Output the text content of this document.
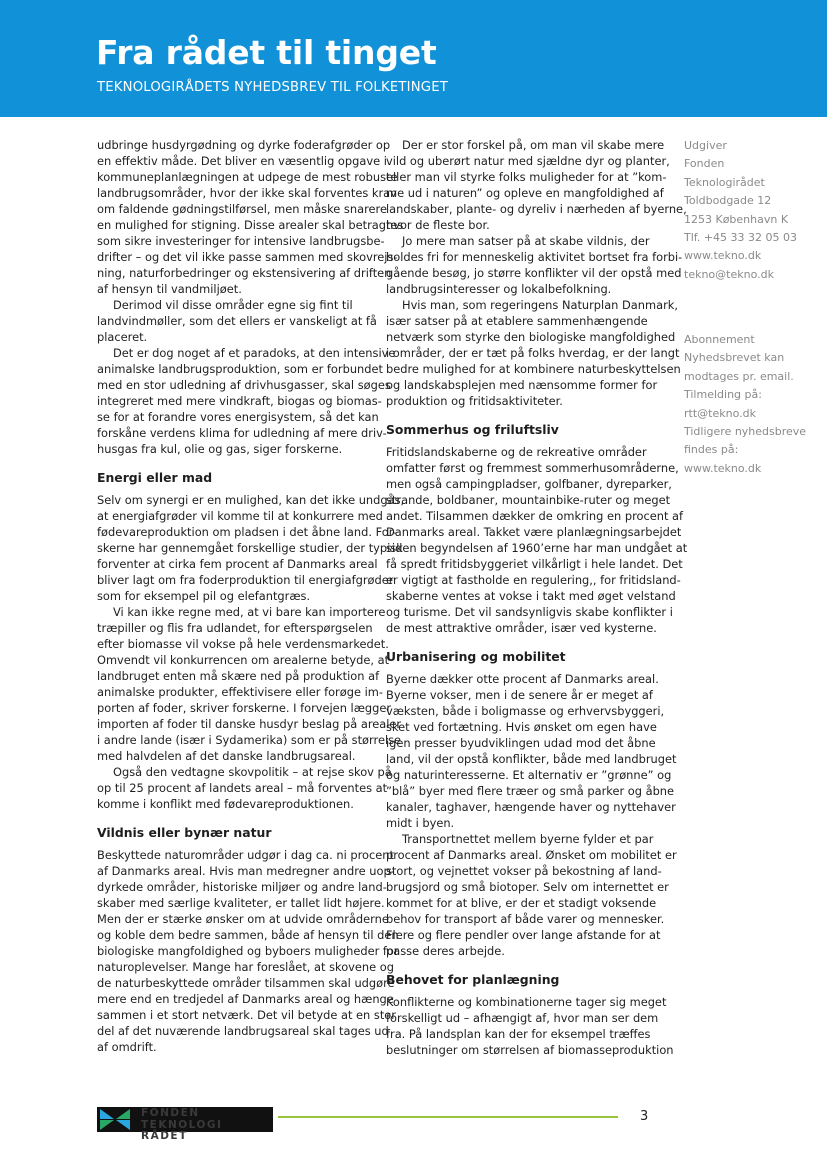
Fra rådet til tinget
TEKNOLOGIRÅDETS NYHEDSBREV TIL FOLKETINGET

udbringe husdyrgødning og dyrke foderafgrøder op
en effektiv måde. Det bliver en væsentlig opgave i
kommuneplanlægningen at udpege de mest robuste
landbrugsområder, hvor der ikke skal forventes krav
om faldende gødningstilførsel, men måske snarere
en mulighed for stigning. Disse arealer skal betragtes
som sikre investeringer for intensive landbrugsbe-
drifter – og det vil ikke passe sammen med skovrejs-
ning, naturforbedringer og ekstensivering af driften
af hensyn til vandmiljøet.

Derimod vil disse områder egne sig fint til
landvindmøller, som det ellers er vanskeligt at få
placeret.

Det er dog noget af et paradoks, at den intensive
animalske landbrugsproduktion, som er forbundet
med en stor udledning af drivhusgasser, skal søges
integreret med mere vindkraft, biogas og biomas-
se for at forandre vores energisystem, så det kan
forskåne verdens klima for udledning af mere driv-
husgas fra kul, olie og gas, siger forskerne.

Energi eller mad

Selv om synergi er en mulighed, kan det ikke undgås,
at energiafgrøder vil komme til at konkurrere med
fødevareproduktion om pladsen i det åbne land. For-
skerne har gennemgået forskellige studier, der typisk
forventer at cirka fem procent af Danmarks areal
bliver lagt om fra foderproduktion til energiafgrøder
som for eksempel pil og elefantgræs.

Vi kan ikke regne med, at vi bare kan importere
træpiller og flis fra udlandet, for efterspørgselen
efter biomasse vil vokse på hele verdensmarkedet.
Omvendt vil konkurrencen om arealerne betyde, at
landbruget enten må skære ned på produktion af
animalske produkter, effektivisere eller forøge im-
porten af foder, skriver forskerne. I forvejen lægger
importen af foder til danske husdyr beslag på arealer
i andre lande (især i Sydamerika) som er på størrelse
med halvdelen af det danske landbrugsareal.

Også den vedtagne skovpolitik – at rejse skov på
op til 25 procent af landets areal – må forventes at
komme i konflikt med fødevareproduktionen.

Vildnis eller bynær natur

Beskyttede naturområder udgør i dag ca. ni procent
af Danmarks areal. Hvis man medregner andre uop-
dyrkede områder, historiske miljøer og andre land-
skaber med særlige kvaliteter, er tallet lidt højere.
Men der er stærke ønsker om at udvide områderne
og koble dem bedre sammen, både af hensyn til den
biologiske mangfoldighed og byboers muligheder for
naturoplevelser. Mange har foreslået, at skovene og
de naturbeskyttede områder tilsammen skal udgøre
mere end en tredjedel af Danmarks areal og hænge
sammen i et stort netværk. Det vil betyde at en stor
del af det nuværende landbrugsareal skal tages ud
af omdrift.

Der er stor forskel på, om man vil skabe mere
vild og uberørt natur med sjældne dyr og planter,
eller man vil styrke folks muligheder for at ”kom-
me ud i naturen” og opleve en mangfoldighed af
landskaber, plante- og dyreliv i nærheden af byerne,
hvor de fleste bor.

Jo mere man satser på at skabe vildnis, der
holdes fri for menneskelig aktivitet bortset fra forbi-
gående besøg, jo større konflikter vil der opstå med
landbrugsinteresser og lokalbefolkning.

Hvis man, som regeringens Naturplan Danmark,
især satser på at etablere sammenhængende
netværk som styrke den biologiske mangfoldighed
i områder, der er tæt på folks hverdag, er der langt
bedre mulighed for at kombinere naturbeskyttelsen
og landskabsplejen med nænsomme former for
produktion og fritidsaktiviteter.

Sommerhus og friluftsliv

Fritidslandskaberne og de rekreative områder
omfatter først og fremmest sommerhusområderne,
men også campingpladser, golfbaner, dyreparker,
strande, boldbaner, mountainbike-ruter og meget
andet. Tilsammen dækker de omkring en procent af
Danmarks areal. Takket være planlægningsarbejdet
siden begyndelsen af 1960’erne har man undgået at
få spredt fritidsbyggeriet vilkårligt i hele landet. Det
er vigtigt at fastholde en regulering,, for fritidsland-
skaberne ventes at vokse i takt med øget velstand
og turisme. Det vil sandsynligvis skabe konflikter i
de mest attraktive områder, især ved kysterne.

Urbanisering og mobilitet

Byerne dækker otte procent af Danmarks areal.
Byerne vokser, men i de senere år er meget af
væksten, både i boligmasse og erhvervsbyggeri,
sket ved fortætning. Hvis ønsket om egen have
igen presser byudviklingen udad mod det åbne
land, vil der opstå konflikter, både med landbruget
og naturinteresserne. Et alternativ er ”grønne” og
”blå” byer med flere træer og små parker og åbne
kanaler, taghaver, hængende haver og nyttehaver
midt i byen.

Transportnettet mellem byerne fylder et par
procent af Danmarks areal. Ønsket om mobilitet er
stort, og vejnettet vokser på bekostning af land-
brugsjord og små biotoper. Selv om internettet er
kommet for at blive, er der et stadigt voksende
behov for transport af både varer og mennesker.
Flere og flere pendler over lange afstande for at
passe deres arbejde.

Behovet for planlægning

Konflikterne og kombinationerne tager sig meget
forskelligt ud – afhængigt af, hvor man ser dem
fra. På landsplan kan der for eksempel træffes
beslutninger om størrelsen af biomasseproduktion

Udgiver
Fonden
Teknologirådet
Toldbodgade 12
1253 København K
Tlf. +45 33 32 05 03
www.tekno.dk
tekno@tekno.dk
Abonnement
Nyhedsbrevet kan
modtages pr. email.
Tilmelding på:
rtt@tekno.dk
Tidligere nyhedsbreve
findes på:
www.tekno.dk
FONDEN
TEKNOLOGI RÅDET
3
